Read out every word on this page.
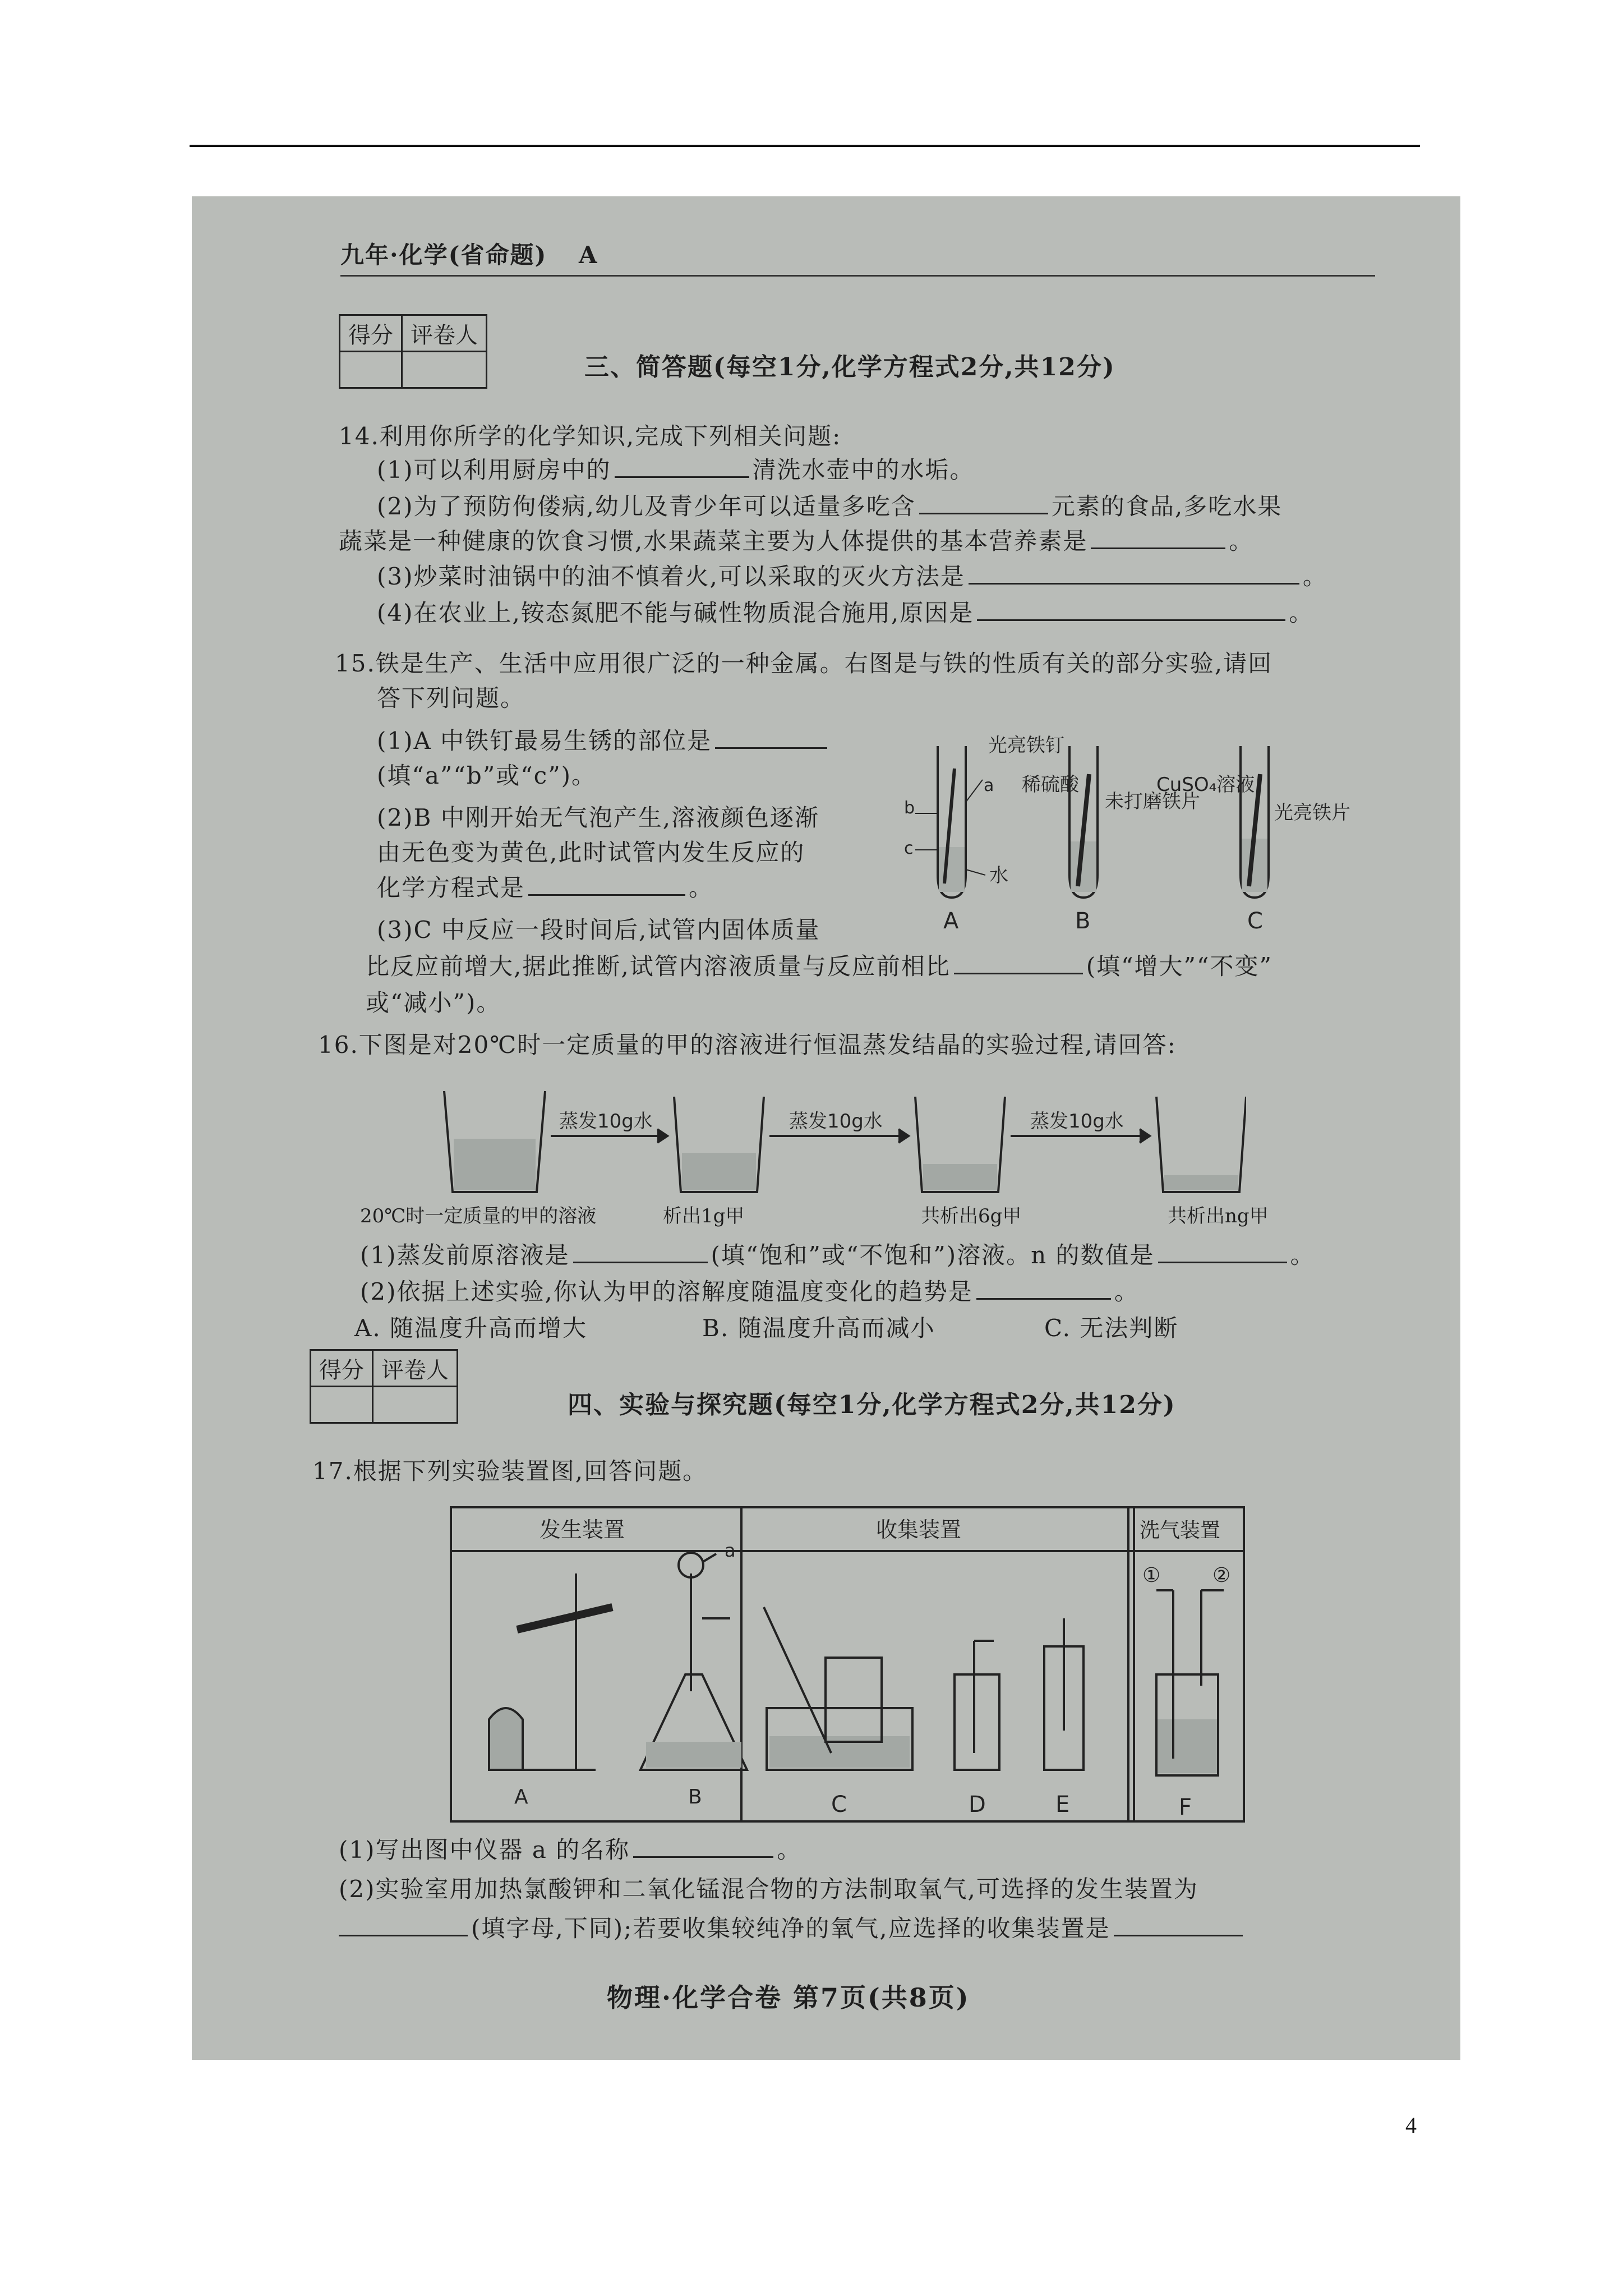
九年·化学(省命题) A
得分	评卷人

三、简答题(每空1分,化学方程式2分,共12分)
14.利用你所学的化学知识,完成下列相关问题:
(1)可以利用厨房中的	清洗水壶中的水垢。
(2)为了预防佝偻病,幼儿及青少年可以适量多吃含	元素的食品,多吃水果
蔬菜是一种健康的饮食习惯,水果蔬菜主要为人体提供的基本营养素是	。
(3)炒菜时油锅中的油不慎着火,可以采取的灭火方法是	。
(4)在农业上,铵态氮肥不能与碱性物质混合施用,原因是	。
15.铁是生产、生活中应用很广泛的一种金属。右图是与铁的性质有关的部分实验,请回
答下列问题。
(1)A 中铁钉最易生锈的部位是
(填“a”“b”或“c”)。
(2)B 中刚开始无气泡产生,溶液颜色逐渐
由无色变为黄色,此时试管内发生反应的
化学方程式是	。
(3)C 中反应一段时间后,试管内固体质量
比反应前增大,据此推断,试管内溶液质量与反应前相比	(填“增大”“不变”
或“减小”)。
光亮铁钉
a
b
c
水
A
稀硫酸
未打磨铁片
B
CuSO₄溶液
光亮铁片
C
16.下图是对20℃时一定质量的甲的溶液进行恒温蒸发结晶的实验过程,请回答:
蒸发10g水	蒸发10g水	蒸发10g水
20℃时一定质量的甲的溶液	析出1g甲	共析出6g甲	共析出ng甲
(1)蒸发前原溶液是	(填“饱和”或“不饱和”)溶液。n 的数值是	。
(2)依据上述实验,你认为甲的溶解度随温度变化的趋势是	。
A. 随温度升高而增大	B. 随温度升高而减小	C. 无法判断
得分	评卷人

四、实验与探究题(每空1分,化学方程式2分,共12分)
17.根据下列实验装置图,回答问题。
发生装置	收集装置	洗气装置
a
①	②
A	B	C	D	E	F
(1)写出图中仪器 a 的名称	。
(2)实验室用加热氯酸钾和二氧化锰混合物的方法制取氧气,可选择的发生装置为
(填字母,下同);若要收集较纯净的氧气,应选择的收集装置是
物理·化学合卷 第7页(共8页)
4
